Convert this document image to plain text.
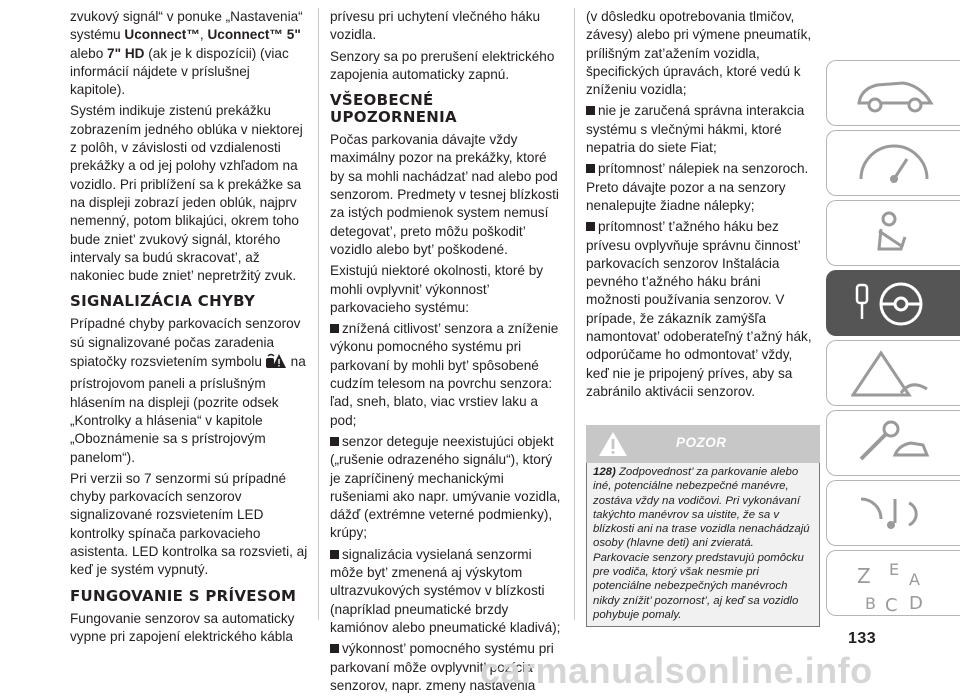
zvukový signál“ v ponuke „Nastavenia“ systému Uconnect™, Uconnect™ 5" alebo 7" HD (ak je k dispozícii) (viac informácií nájdete v príslušnej kapitole).

Systém indikuje zistenú prekážku zobrazením jedného oblúka v niektorej z polôh, v závislosti od vzdialenosti prekážky a od jej polohy vzhľadom na vozidlo. Pri priblížení sa k prekážke sa na displeji zobrazí jeden oblúk, najprv nemenný, potom blikajúci, okrem toho bude zniet’ zvukový signál, ktorého intervaly sa budú skracovat’, až nakoniec bude zniet’ nepretržitý zvuk.

SIGNALIZÁCIA CHYBY

Prípadné chyby parkovacích senzorov sú signalizované počas zaradenia spiatočky rozsvietením symbolu na prístrojovom paneli a príslušným hlásením na displeji (pozrite odsek „Kontrolky a hlásenia“ v kapitole „Oboznámenie sa s prístrojovým panelom“).

Pri verzii so 7 senzormi sú prípadné chyby parkovacích senzorov signalizované rozsvietením LED kontrolky spínača parkovacieho asistenta. LED kontrolka sa rozsvieti, aj keď je systém vypnutý.

FUNGOVANIE S PRÍVESOM

Fungovanie senzorov sa automaticky vypne pri zapojení elektrického kábla

prívesu pri uchytení vlečného háku vozidla.

Senzory sa po prerušení elektrického zapojenia automaticky zapnú.

VŠEOBECNÉ UPOZORNENIA

Počas parkovania dávajte vždy maximálny pozor na prekážky, ktoré by sa mohli nachádzat’ nad alebo pod senzorom. Predmety v tesnej blízkosti za istých podmienok system nemusí detegovat’, preto môžu poškodit’ vozidlo alebo byt’ poškodené.

Existujú niektoré okolnosti, ktoré by mohli ovplyvnit’ výkonnost’ parkovacieho systému:

znížená citlivost’ senzora a zníženie výkonu pomocného systému pri parkovaní by mohli byt’ spôsobené cudzím telesom na povrchu senzora: ľad, sneh, blato, viac vrstiev laku a pod;

senzor deteguje neexistujúci objekt („rušenie odrazeného signálu“), ktorý je zapríčinený mechanickými rušeniami ako napr. umývanie vozidla, dážď (extrémne veterné podmienky), krúpy;

signalizácia vysielaná senzormi môže byt’ zmenená aj výskytom ultrazvukových systémov v blízkosti (napríklad pneumatické brzdy kamiónov alebo pneumatické kladivá);

výkonnost’ pomocného systému pri parkovaní môže ovplyvnit’ pozícia senzorov, napr. zmeny nastavenia

(v dôsledku opotrebovania tlmičov, závesy) alebo pri výmene pneumatík, prílišným zat’ažením vozidla, špecifických úpravách, ktoré vedú k zníženiu vozidla;

nie je zaručená správna interakcia systému s vlečnými hákmi, ktoré nepatria do siete Fiat;

prítomnost’ nálepiek na senzoroch. Preto dávajte pozor a na senzory nenalepujte žiadne nálepky;

prítomnost’ t’ažného háku bez prívesu ovplyvňuje správnu činnost’ parkovacích senzorov Inštalácia pevného t’ažného háku bráni možnosti používania senzorov. V prípade, že zákazník zamýšľa namontovat’ odoberateľný t’ažný hák, odporúčame ho odmontovat’ vždy, keď nie je pripojený príves, aby sa zabránilo aktivácii senzorov.

POZOR
128) Zodpovednost’ za parkovanie alebo iné, potenciálne nebezpečné manévre, zostáva vždy na vodičovi. Pri vykonávaní takýchto manévrov sa uistite, že sa v blízkosti ani na trase vozidla nenachádzajú osoby (hlavne deti) ani zvieratá. Parkovacie senzory predstavujú pomôcku pre vodiča, ktorý však nesmie pri potenciálne nebezpečných manévroch nikdy znížit’ pozornost’, aj keď sa vozidlo pohybuje pomaly.
Z E
A
B C D
133
carmanualsonline.info
